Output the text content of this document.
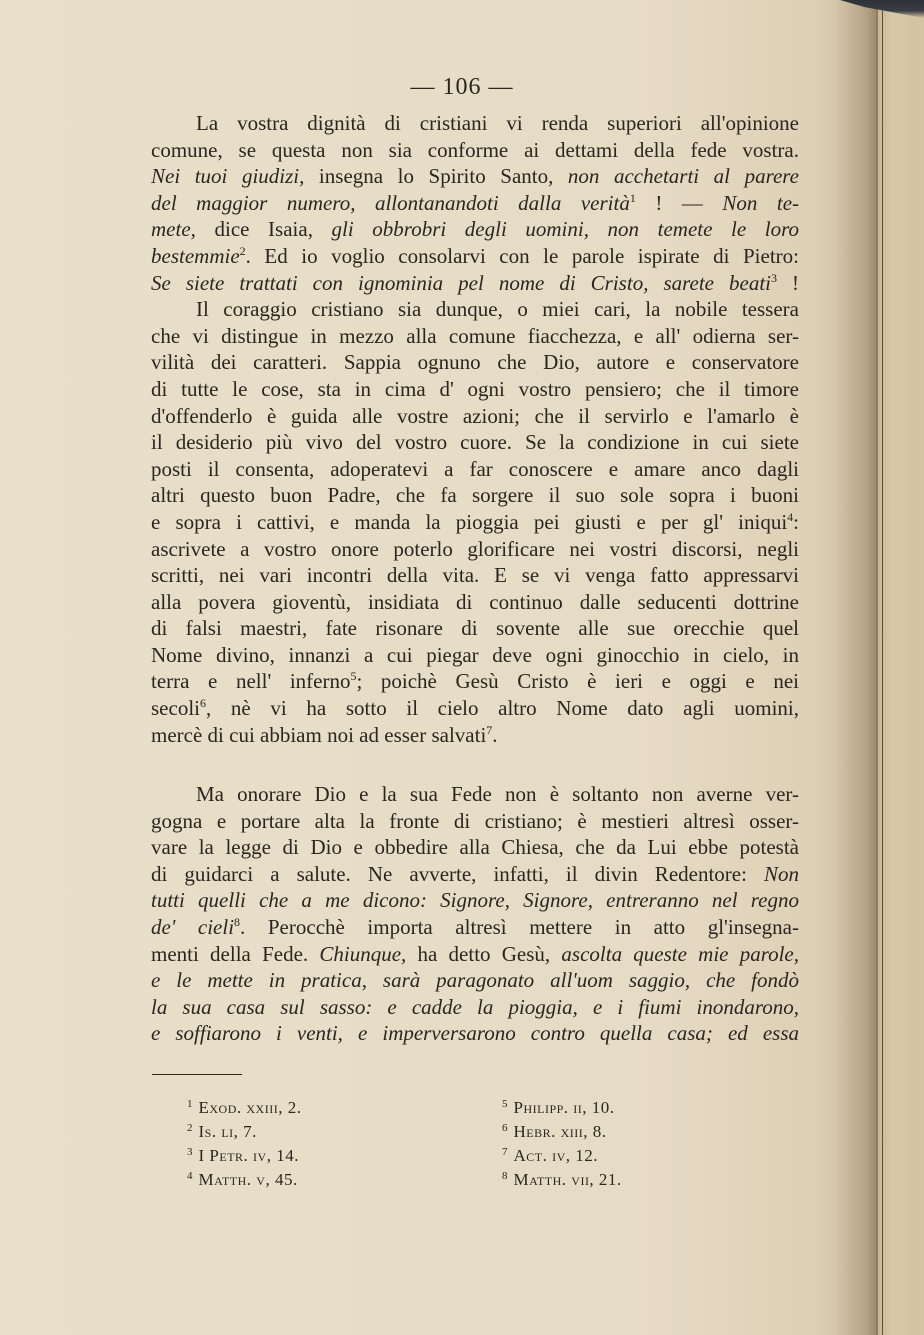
— 106 —
La vostra dignità di cristiani vi renda superiori all'opinione
comune, se questa non sia conforme ai dettami della fede vostra.
Nei tuoi giudizi, insegna lo Spirito Santo, non acchetarti al parere
del maggior numero, allontanandoti dalla verità$^1$ ! — Non te-
mete, dice Isaia, gli obbrobri degli uomini, non temete le loro
bestemmie$^2$. Ed io voglio consolarvi con le parole ispirate di Pietro:
Se siete trattati con ignominia pel nome di Cristo, sarete beati$^3$ !
Il coraggio cristiano sia dunque, o miei cari, la nobile tessera
che vi distingue in mezzo alla comune fiacchezza, e all' odierna ser-
vilità dei caratteri. Sappia ognuno che Dio, autore e conservatore
di tutte le cose, sta in cima d' ogni vostro pensiero; che il timore
d'offenderlo è guida alle vostre azioni; che il servirlo e l'amarlo è
il desiderio più vivo del vostro cuore. Se la condizione in cui siete
posti il consenta, adoperatevi a far conoscere e amare anco dagli
altri questo buon Padre, che fa sorgere il suo sole sopra i buoni
e sopra i cattivi, e manda la pioggia pei giusti e per gl' iniqui$^4$:
ascrivete a vostro onore poterlo glorificare nei vostri discorsi, negli
scritti, nei vari incontri della vita. E se vi venga fatto appressarvi
alla povera gioventù, insidiata di continuo dalle seducenti dottrine
di falsi maestri, fate risonare di sovente alle sue orecchie quel
Nome divino, innanzi a cui piegar deve ogni ginocchio in cielo, in
terra e nell' inferno$^5$; poichè Gesù Cristo è ieri e oggi e nei
secoli$^6$, nè vi ha sotto il cielo altro Nome dato agli uomini,
mercè di cui abbiam noi ad esser salvati$^7$.
Ma onorare Dio e la sua Fede non è soltanto non averne ver-
gogna e portare alta la fronte di cristiano; è mestieri altresì osser-
vare la legge di Dio e obbedire alla Chiesa, che da Lui ebbe potestà
di guidarci a salute. Ne avverte, infatti, il divin Redentore: Non
tutti quelli che a me dicono: Signore, Signore, entreranno nel regno
de' cieli$^8$. Perocchè importa altresì mettere in atto gl'insegna-
menti della Fede. Chiunque, ha detto Gesù, ascolta queste mie parole,
e le mette in pratica, sarà paragonato all'uom saggio, che fondò
la sua casa sul sasso: e cadde la pioggia, e i fiumi inondarono,
e soffiarono i venti, e imperversarono contro quella casa; ed essa
$^1$ Exod. xxiii, 2.
$^2$ Is. li, 7.
$^3$ I Petr. iv, 14.
$^4$ Matth. v, 45.
$^5$ Philipp. ii, 10.
$^6$ Hebr. xiii, 8.
$^7$ Act. iv, 12.
$^8$ Matth. vii, 21.
